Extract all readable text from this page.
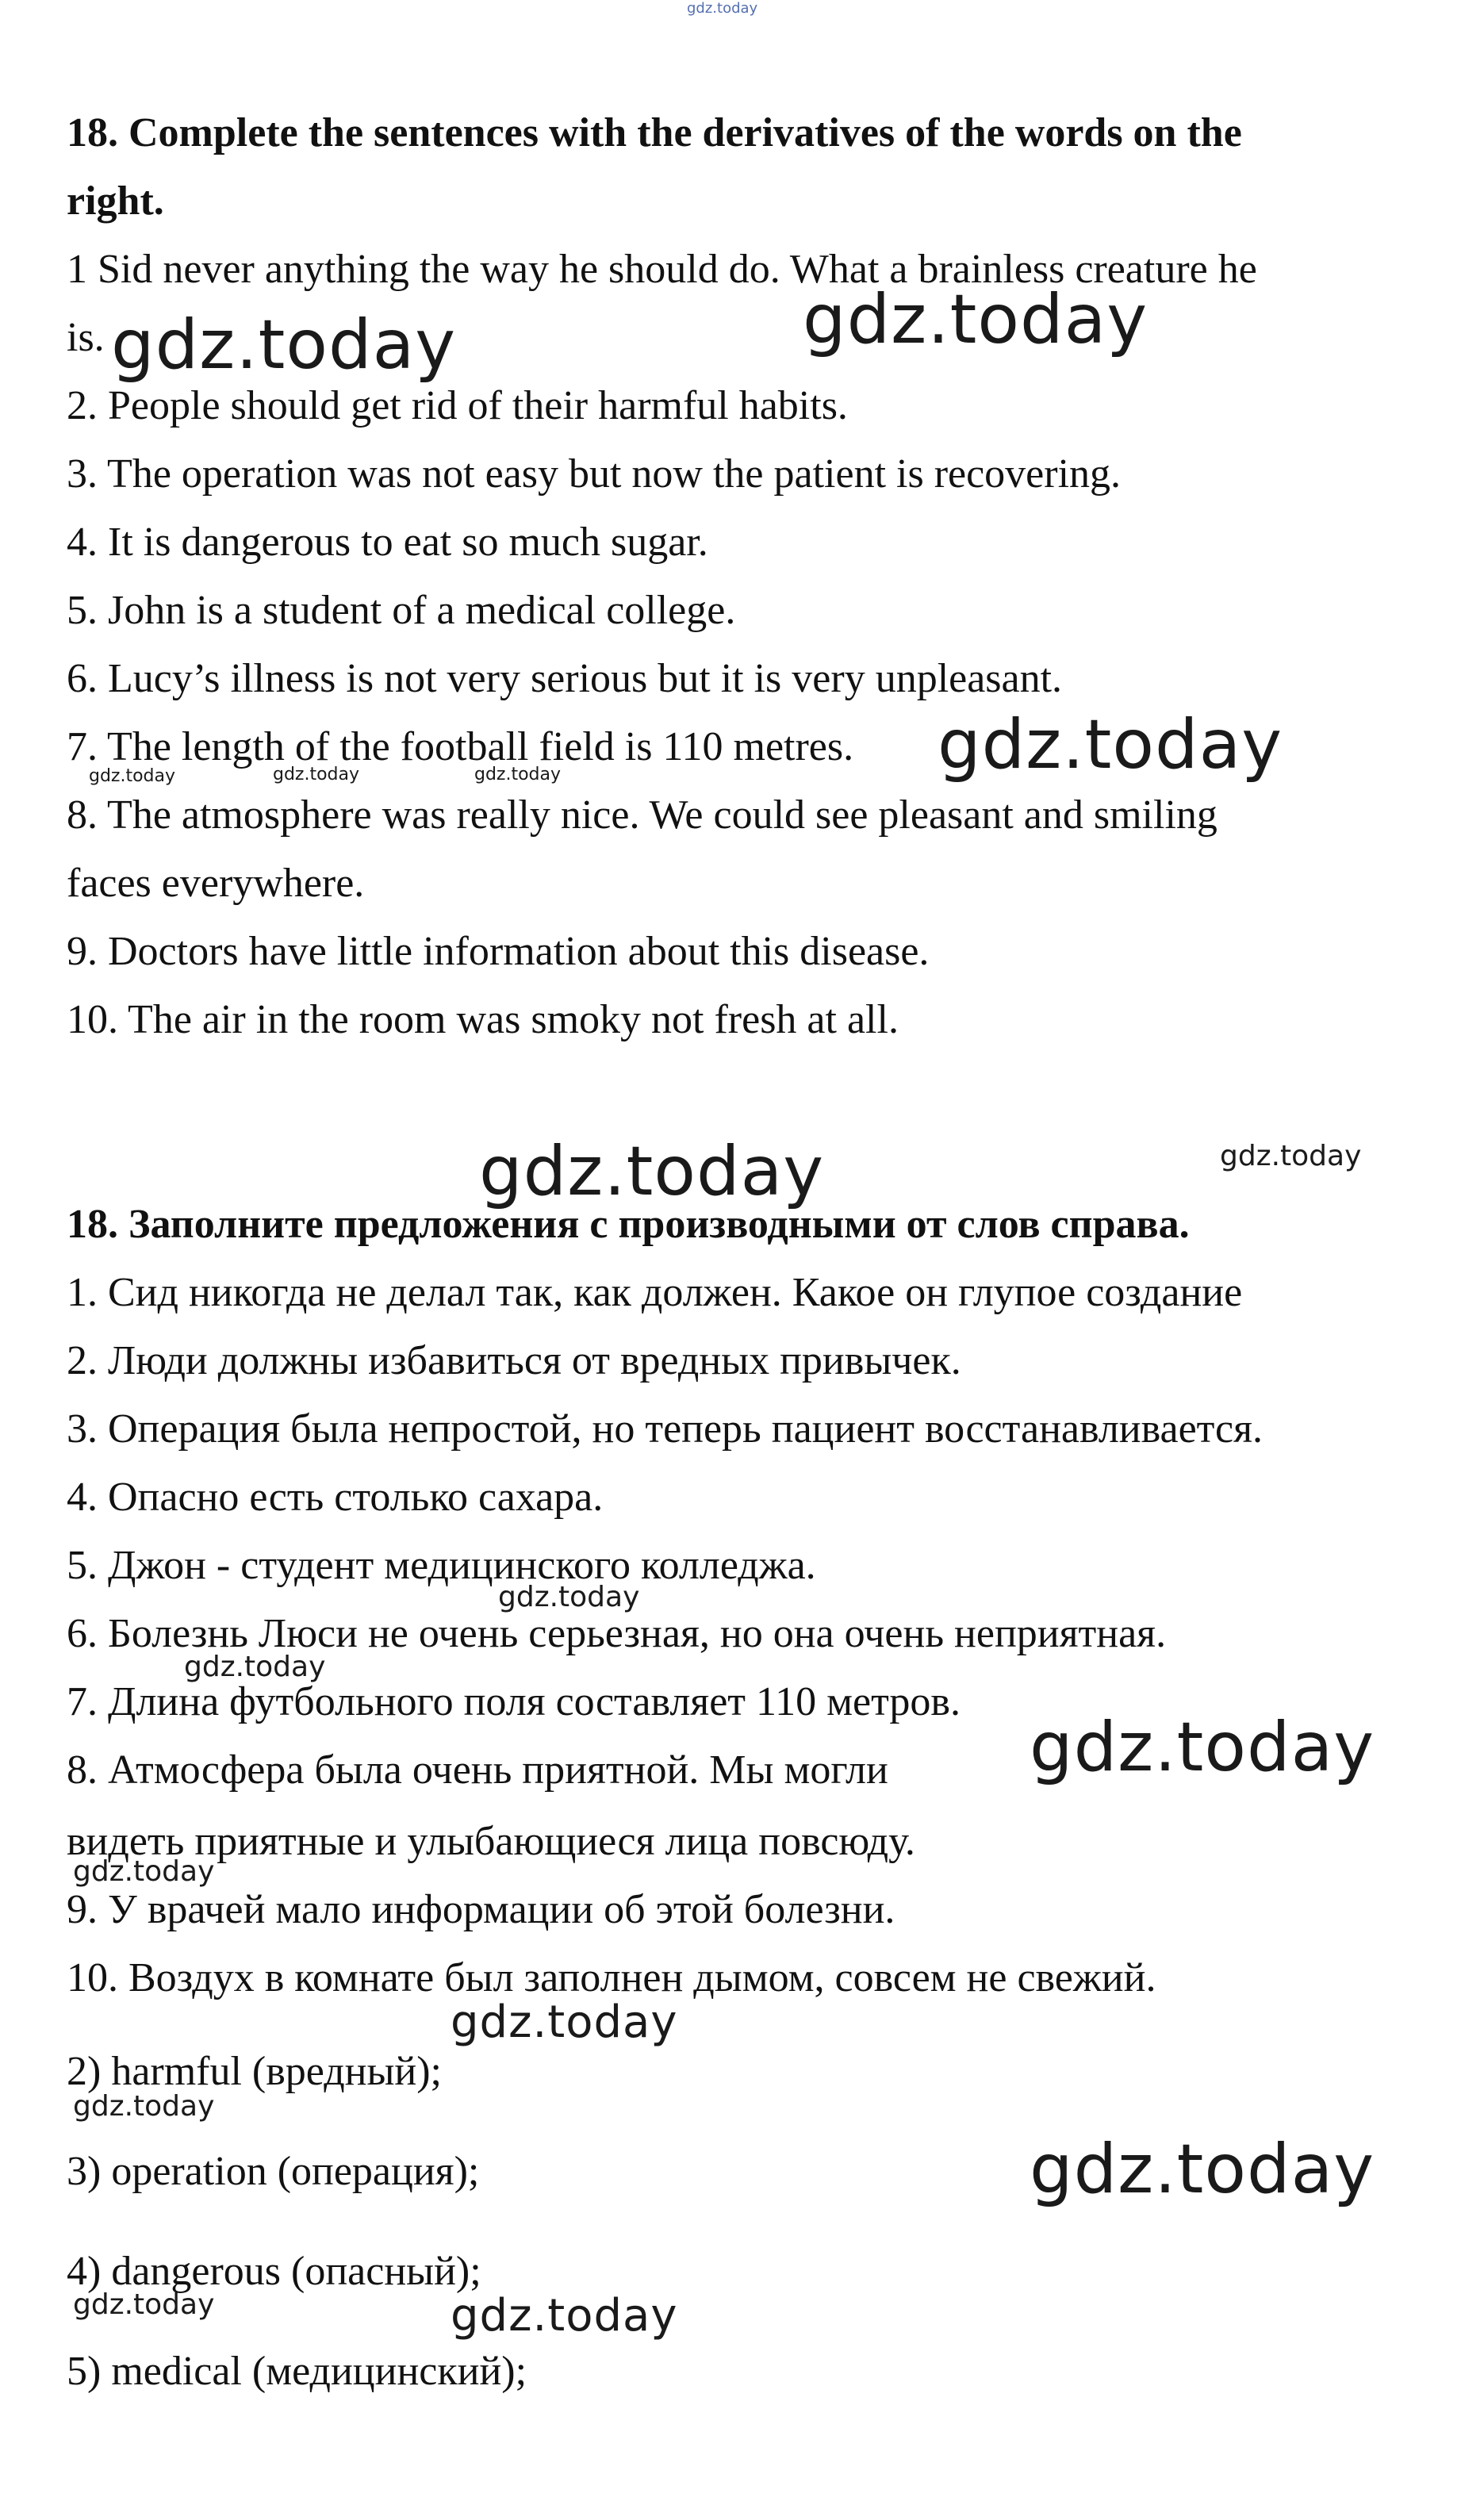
gdz.today
18. Complete the sentences with the derivatives of the words on the
right.
1 Sid never anything the way he should do. What a brainless creature he
is.
2. People should get rid of their harmful habits.
3. The operation was not easy but now the patient is recovering.
4. It is dangerous to eat so much sugar.
5. John is a student of a medical college.
6. Lucy’s illness is not very serious but it is very unpleasant.
7. The length of the football field is 110 metres.
8. The atmosphere was really nice. We could see pleasant and smiling
faces everywhere.
9. Doctors have little information about this disease.
10. The air in the room was smoky not fresh at all.
18. Заполните предложения с производными от слов справа.
1. Сид никогда не делал так, как должен. Какое он глупое создание
2. Люди должны избавиться от вредных привычек.
3. Операция была непростой, но теперь пациент восстанавливается.
4. Опасно есть столько сахара.
5. Джон - студент медицинского колледжа.
6. Болезнь Люси не очень серьезная, но она очень неприятная.
7. Длина футбольного поля составляет 110 метров.
8. Атмосфера была очень приятной. Мы могли
видеть приятные и улыбающиеся лица повсюду.
9. У врачей мало информации об этой болезни.
10. Воздух в комнате был заполнен дымом, совсем не свежий.
2) harmful (вредный);
3) operation (операция);
4) dangerous (опасный);
5) medical (медицинский);
gdz.today	gdz.today
gdz.today
gdz.today	gdz.today	gdz.today
gdz.today	gdz.today
gdz.today
gdz.today
gdz.today
gdz.today
gdz.today
gdz.today
gdz.today
gdz.today	gdz.today
